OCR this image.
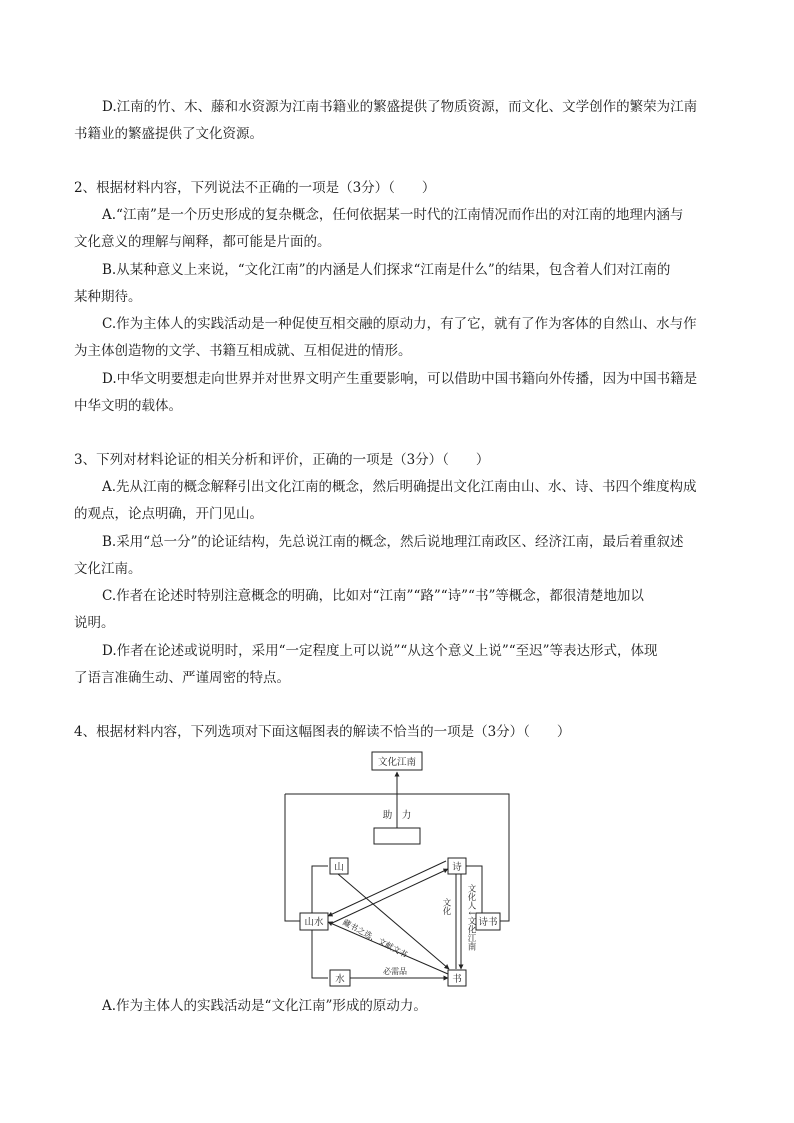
D.江南的竹、木、藤和水资源为江南书籍业的繁盛提供了物质资源，而文化、文学创作的繁荣为江南
书籍业的繁盛提供了文化资源。
2、根据材料内容，下列说法不正确的一项是（3分）（　　）
A.“江南”是一个历史形成的复杂概念，任何依据某一时代的江南情况而作出的对江南的地理内涵与
文化意义的理解与阐释，都可能是片面的。
B.从某种意义上来说，“文化江南”的内涵是人们探求“江南是什么”的结果，包含着人们对江南的
某种期待。
C.作为主体人的实践活动是一种促使互相交融的原动力，有了它，就有了作为客体的自然山、水与作
为主体创造物的文学、书籍互相成就、互相促进的情形。
D.中华文明要想走向世界并对世界文明产生重要影响，可以借助中国书籍向外传播，因为中国书籍是
中华文明的载体。
3、下列对材料论证的相关分析和评价，正确的一项是（3分）（　　）
A.先从江南的概念解释引出文化江南的概念，然后明确提出文化江南由山、水、诗、书四个维度构成
的观点，论点明确，开门见山。
B.采用“总一分”的论证结构，先总说江南的概念，然后说地理江南政区、经济江南，最后着重叙述
文化江南。
C.作者在论述时特别注意概念的明确，比如对“江南”“路”“诗”“书”等概念，都很清楚地加以
说明。
D.作者在论述或说明时，采用“一定程度上可以说”“从这个意义上说”“至迟”等表达形式，体现
了语言准确生动、严谨周密的特点。
4、根据材料内容，下列选项对下面这幅图表的解读不恰当的一项是（3分）（　　）
文化江南
助　力
山	诗
山水	诗书
水	书
必需品
文化 文化人↓文化江南
藏书之选，文献文书
A.作为主体人的实践活动是“文化江南”形成的原动力。
